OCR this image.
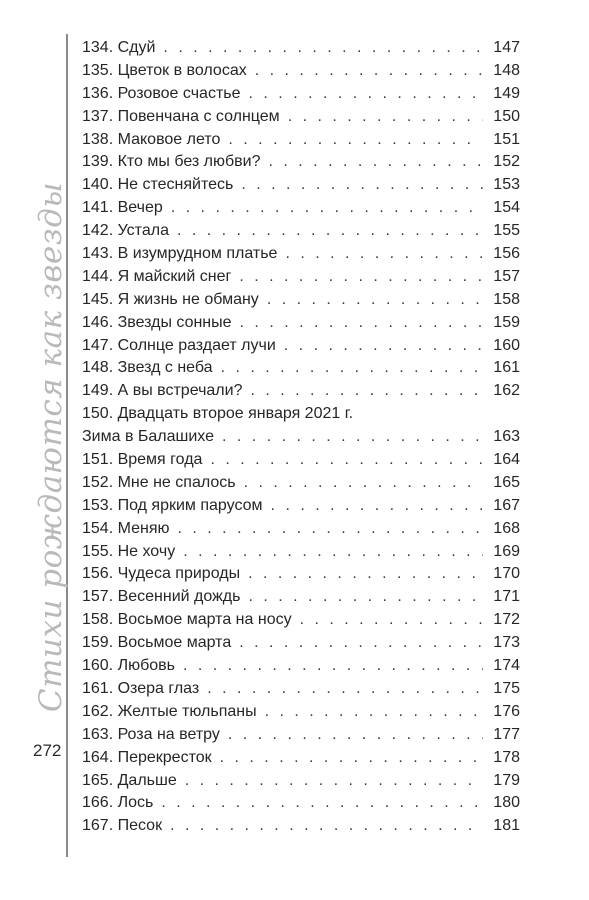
Стихи рождаются как звезды
272
134. Сдуй . . .	147
135. Цветок в волосах . . .	148
136. Розовое счастье . . .	149
137. Повенчана с солнцем . . .	150
138. Маковое лето . . .	151
139. Кто мы без любви? . . .	152
140. Не стесняйтесь . . .	153
141. Вечер . . .	154
142. Устала . . .	155
143. В изумрудном платье . . .	156
144. Я майский снег . . .	157
145. Я жизнь не обману . . .	158
146. Звезды сонные . . .	159
147. Солнце раздает лучи . . .	160
148. Звезд с неба . . .	161
149. А вы встречали? . . .	162
150. Двадцать второе января 2021 г.
Зима в Балашихе . . .	163
151. Время года . . .	164
152. Мне не спалось . . .	165
153. Под ярким парусом . . .	167
154. Меняю . . .	168
155. Не хочу . . .	169
156. Чудеса природы . . .	170
157. Весенний дождь . . .	171
158. Восьмое марта на носу . . .	172
159. Восьмое марта . . .	173
160. Любовь . . .	174
161. Озера глаз . . .	175
162. Желтые тюльпаны . . .	176
163. Роза на ветру . . .	177
164. Перекресток . . .	178
165. Дальше . . .	179
166. Лось . . .	180
167. Песок . . .	181
